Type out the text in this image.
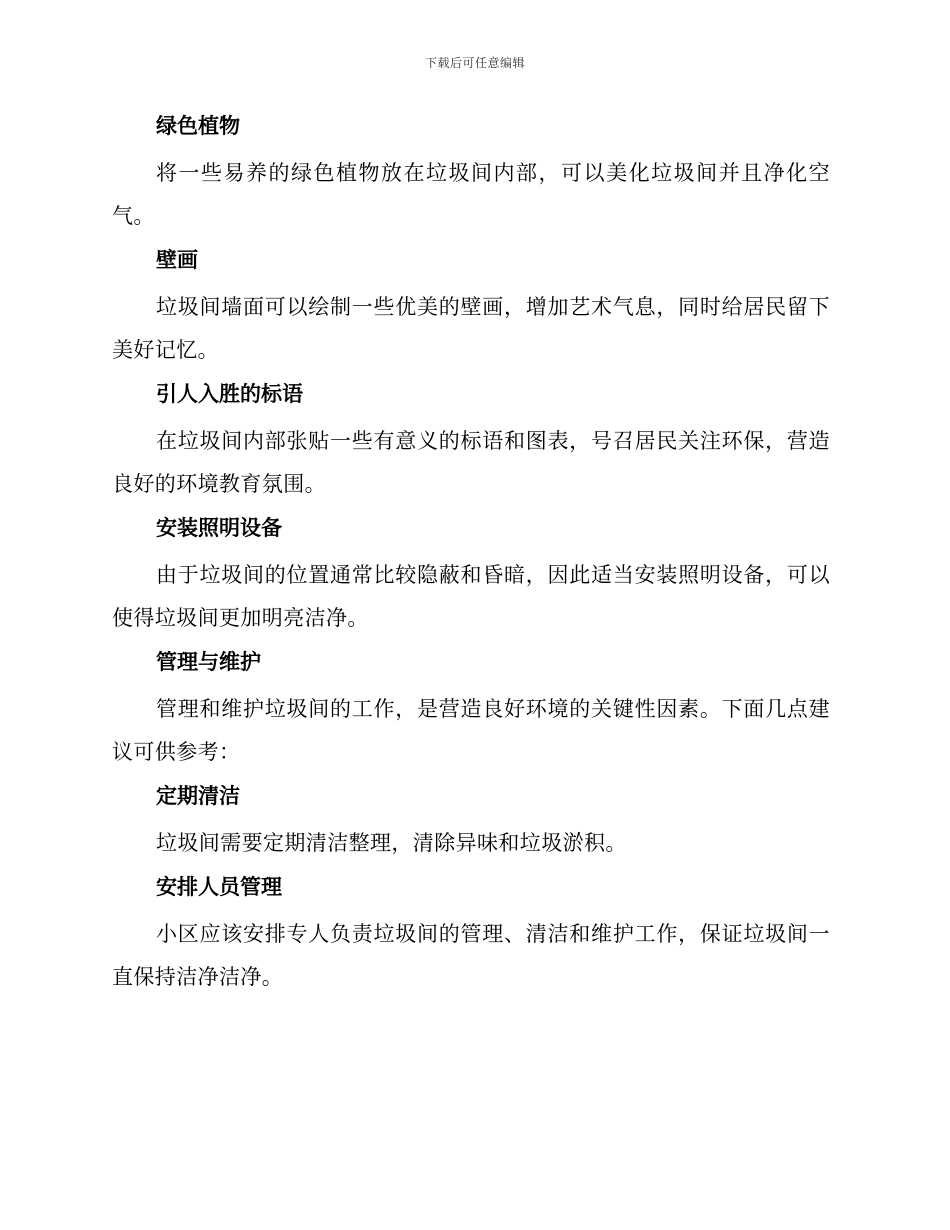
下载后可任意编辑

绿色植物

将一些易养的绿色植物放在垃圾间内部，可以美化垃圾间并且净化空气。

壁画

垃圾间墙面可以绘制一些优美的壁画，增加艺术气息，同时给居民留下美好记忆。

引人入胜的标语

在垃圾间内部张贴一些有意义的标语和图表，号召居民关注环保，营造良好的环境教育氛围。

安装照明设备

由于垃圾间的位置通常比较隐蔽和昏暗，因此适当安装照明设备，可以使得垃圾间更加明亮洁净。

管理与维护

管理和维护垃圾间的工作，是营造良好环境的关键性因素。下面几点建议可供参考：

定期清洁

垃圾间需要定期清洁整理，清除异味和垃圾淤积。

安排人员管理

小区应该安排专人负责垃圾间的管理、清洁和维护工作，保证垃圾间一直保持洁净洁净。
